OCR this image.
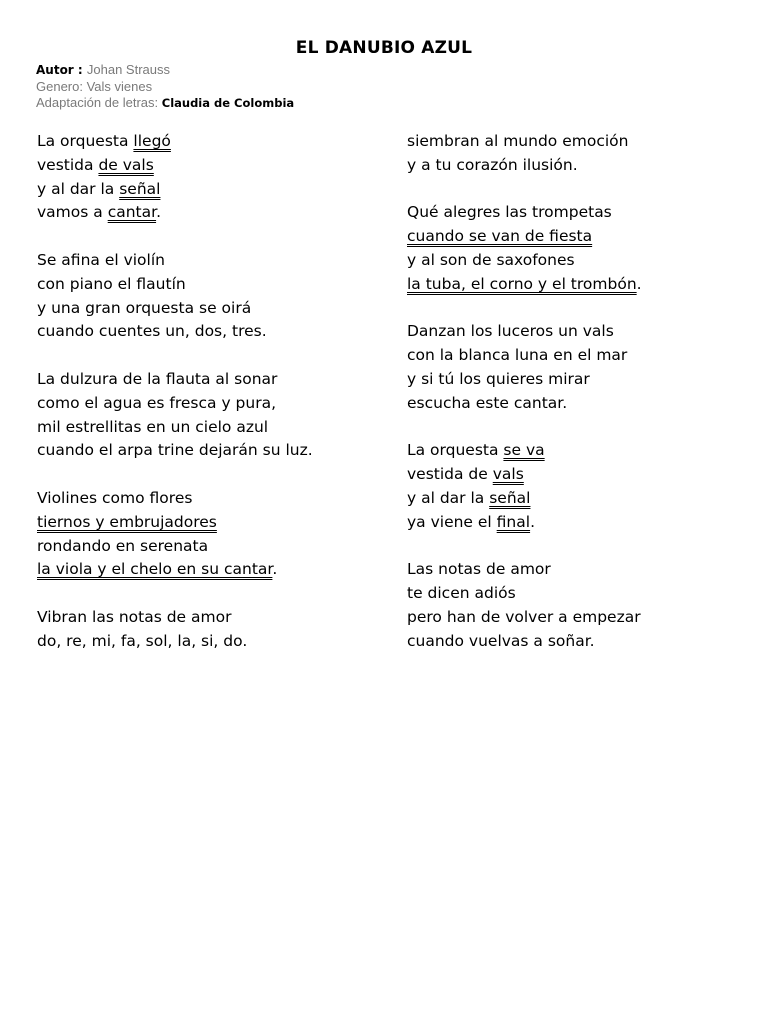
EL DANUBIO AZUL
Autor : Johan Strauss
Genero: Vals vienes
Adaptación de letras: Claudia de Colombia
La orquesta llegó
vestida de vals
y al dar la señal
vamos a cantar.
Se afina el violín
con piano el flautín
y una gran orquesta se oirá
cuando cuentes un, dos, tres.
La dulzura de la flauta al sonar
como el agua es fresca y pura,
mil estrellitas en un cielo azul
cuando el arpa trine dejarán su luz.
Violines como flores
tiernos y embrujadores
rondando en serenata
la viola y el chelo en su cantar.
Vibran las notas de amor
do, re, mi, fa, sol, la, si, do.
siembran al mundo emoción
y a tu corazón ilusión.
Qué alegres las trompetas
cuando se van de fiesta
y al son de saxofones
la tuba, el corno y el trombón.
Danzan los luceros un vals
con la blanca luna en el mar
y si tú los quieres mirar
escucha este cantar.
La orquesta se va
vestida de vals
y al dar la señal
ya viene el final.
Las notas de amor
te dicen adiós
pero han de volver a empezar
cuando vuelvas a soñar.
